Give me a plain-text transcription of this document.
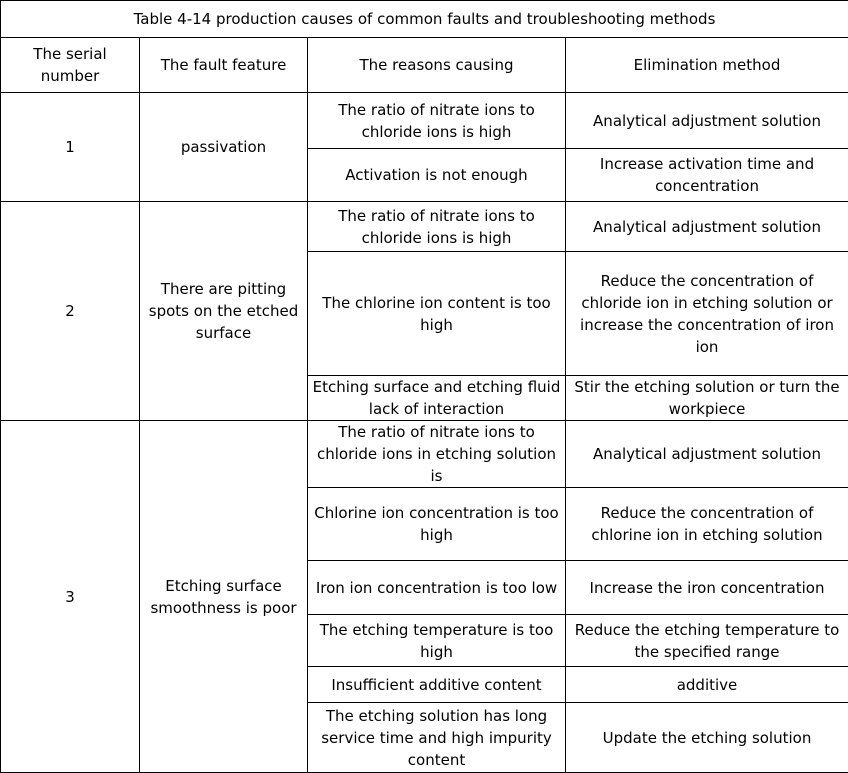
Table 4-14 production causes of common faults and troubleshooting methods			
The serial number	The fault feature	The reasons causing	Elimination method
1	passivation	The ratio of nitrate ions to chloride ions is high	Analytical adjustment solution
		Activation is not enough	Increase activation time and concentration
2	There are pitting spots on the etched surface	The ratio of nitrate ions to chloride ions is high	Analytical adjustment solution
		The chlorine ion content is too high	Reduce the concentration of chloride ion in etching solution or increase the concentration of iron ion
		Etching surface and etching fluid lack of interaction	Stir the etching solution or turn the workpiece
3	Etching surface smoothness is poor	The ratio of nitrate ions to chloride ions in etching solution is	Analytical adjustment solution
		Chlorine ion concentration is too high	Reduce the concentration of chlorine ion in etching solution
		Iron ion concentration is too low	Increase the iron concentration
		The etching temperature is too high	Reduce the etching temperature to the specified range
		Insufficient additive content	additive
		The etching solution has long service time and high impurity content	Update the etching solution
